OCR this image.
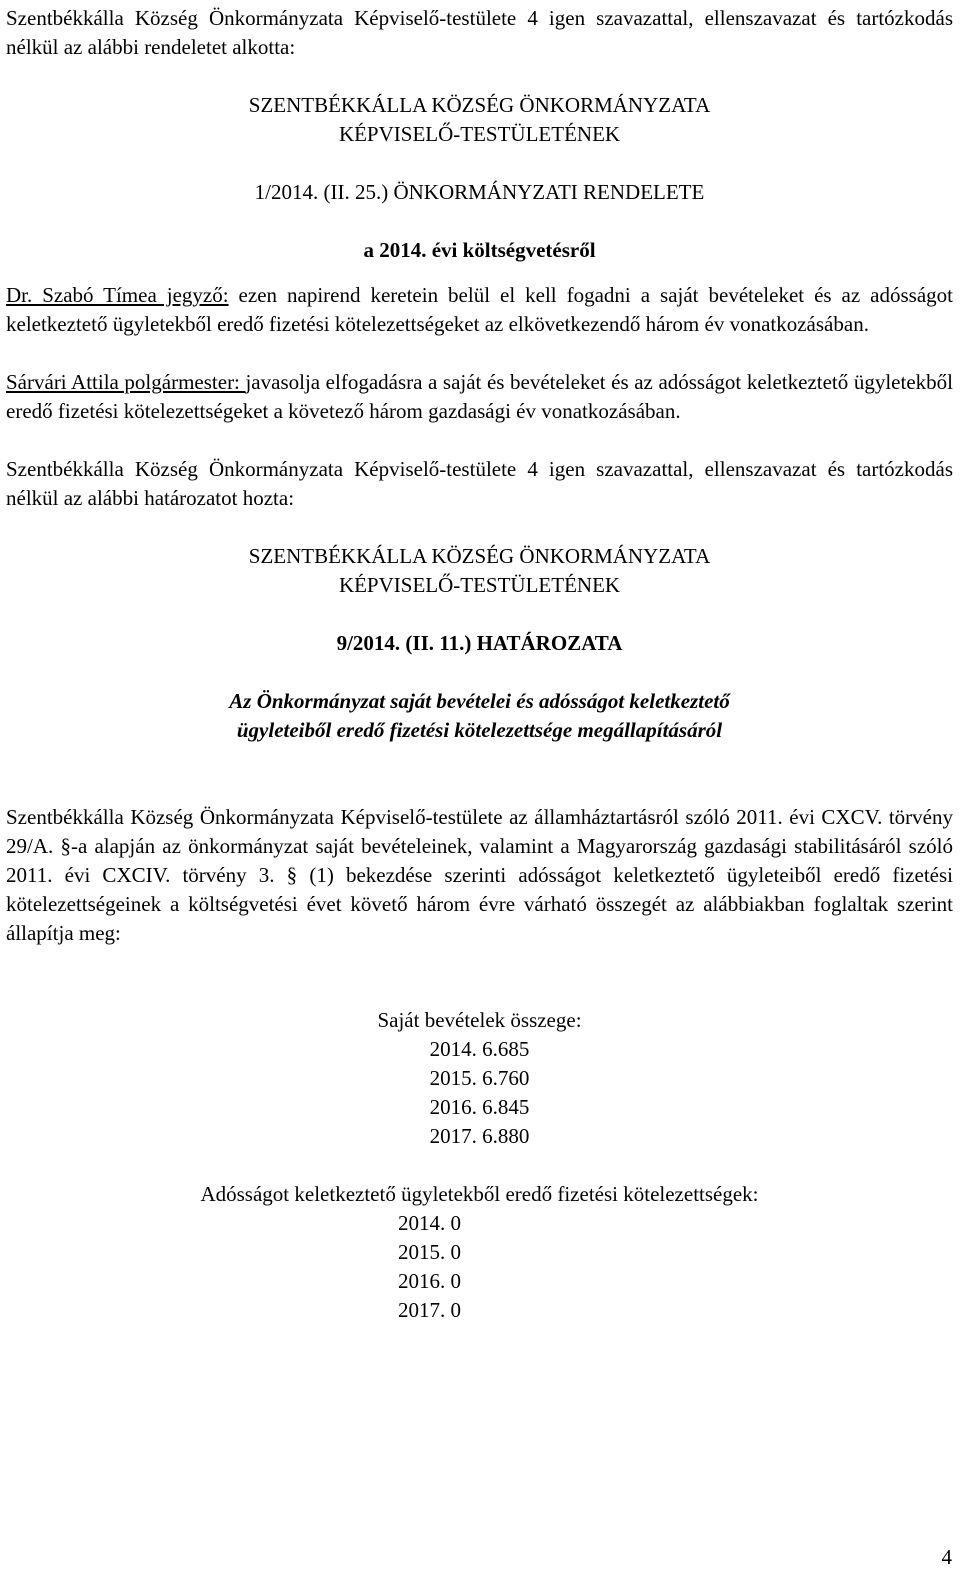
Szentbékkálla Község Önkormányzata Képviselő-testülete 4 igen szavazattal, ellenszavazat és tartózkodás nélkül az alábbi rendeletet alkotta:

SZENTBÉKKÁLLA KÖZSÉG ÖNKORMÁNYZATA
KÉPVISELŐ-TESTÜLETÉNEK

1/2014. (II. 25.) ÖNKORMÁNYZATI RENDELETE

a 2014. évi költségvetésről

Dr. Szabó Tímea jegyző: ezen napirend keretein belül el kell fogadni a saját bevételeket és az adósságot keletkeztető ügyletekből eredő fizetési kötelezettségeket az elkövetkezendő három év vonatkozásában.

Sárvári Attila polgármester: javasolja elfogadásra a saját és bevételeket és az adósságot keletkeztető ügyletekből eredő fizetési kötelezettségeket a követező három gazdasági év vonatkozásában.

Szentbékkálla Község Önkormányzata Képviselő-testülete 4 igen szavazattal, ellenszavazat és tartózkodás nélkül az alábbi határozatot hozta:

SZENTBÉKKÁLLA KÖZSÉG ÖNKORMÁNYZATA
KÉPVISELŐ-TESTÜLETÉNEK

9/2014. (II. 11.) HATÁROZATA

Az Önkormányzat saját bevételei és adósságot keletkeztető
ügyleteiből eredő fizetési kötelezettsége megállapításáról

Szentbékkálla Község Önkormányzata Képviselő-testülete az államháztartásról szóló 2011. évi CXCV. törvény 29/A. §-a alapján az önkormányzat saját bevételeinek, valamint a Magyarország gazdasági stabilitásáról szóló 2011. évi CXCIV. törvény 3. § (1) bekezdése szerinti adósságot keletkeztető ügyleteiből eredő fizetési kötelezettségeinek a költségvetési évet követő három évre várható összegét az alábbiakban foglaltak szerint állapítja meg:

Saját bevételek összege:
2014. 6.685
2015. 6.760
2016. 6.845
2017. 6.880
Adósságot keletkeztető ügyletekből eredő fizetési kötelezettségek:
2014. 0
2015. 0
2016. 0
2017. 0
4
